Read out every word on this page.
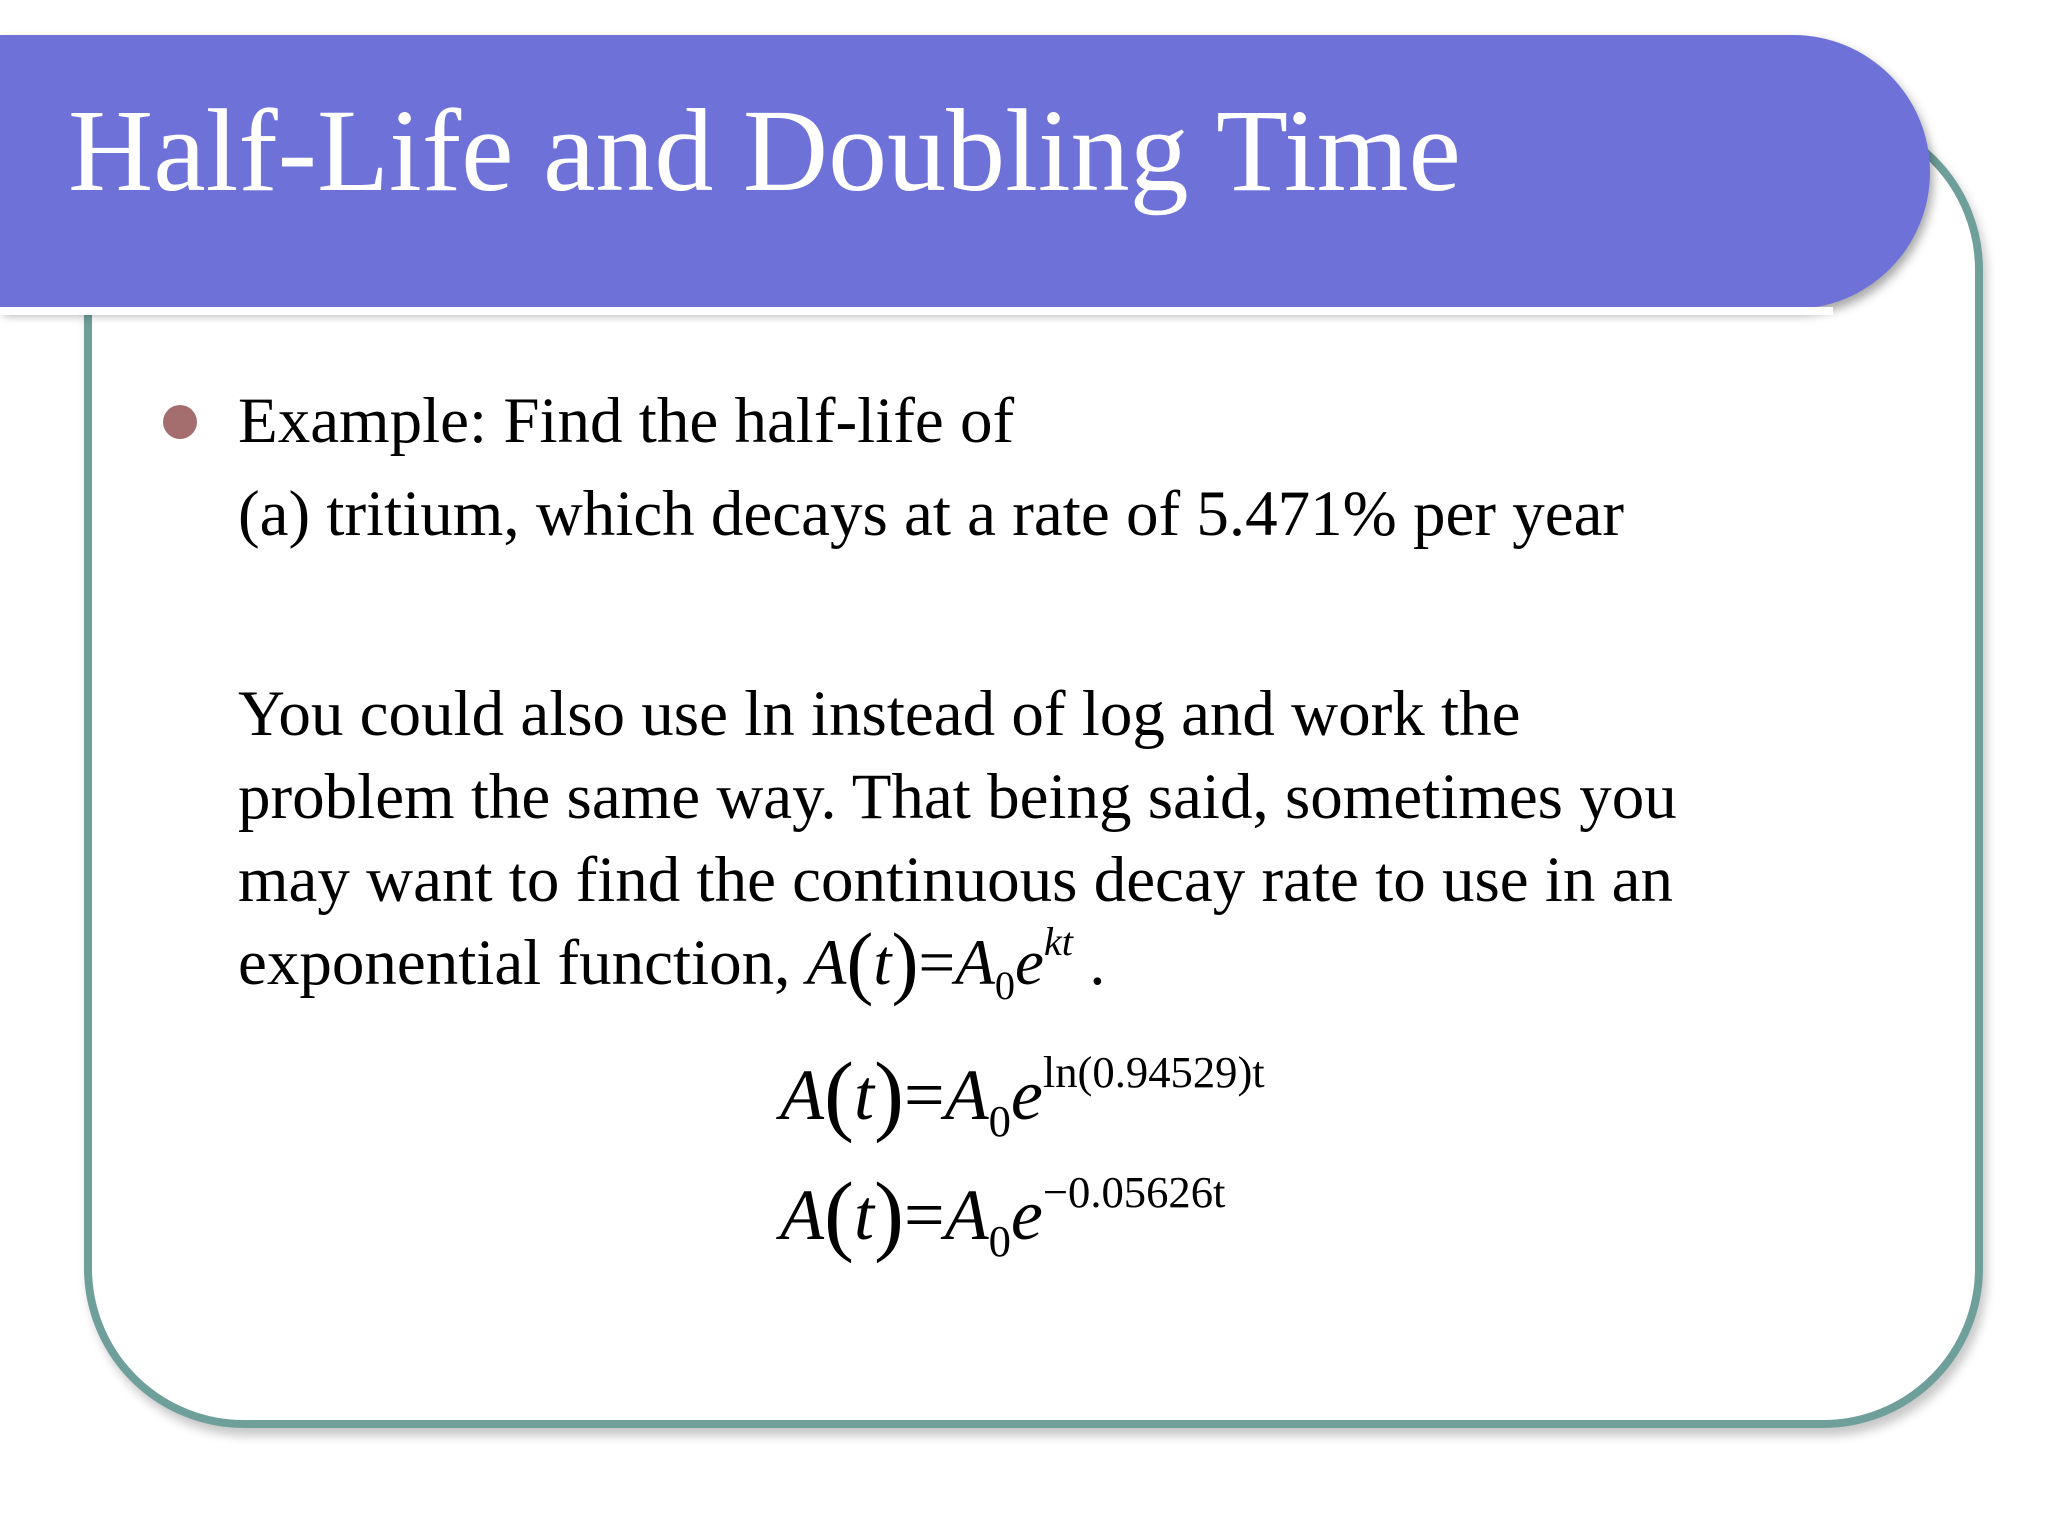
Half-Life and Doubling Time
Example: Find the half-life of
(a) tritium, which decays at a rate of 5.471% per year
You could also use ln instead of log and work the
problem the same way. That being said, sometimes you
may want to find the continuous decay rate to use in an
exponential function, $A(t)=A_0e^{kt}$ .
$A(t)=A_0e^{ln(0.94529)t}$
$A(t)=A_0e^{-0.05626t}$
